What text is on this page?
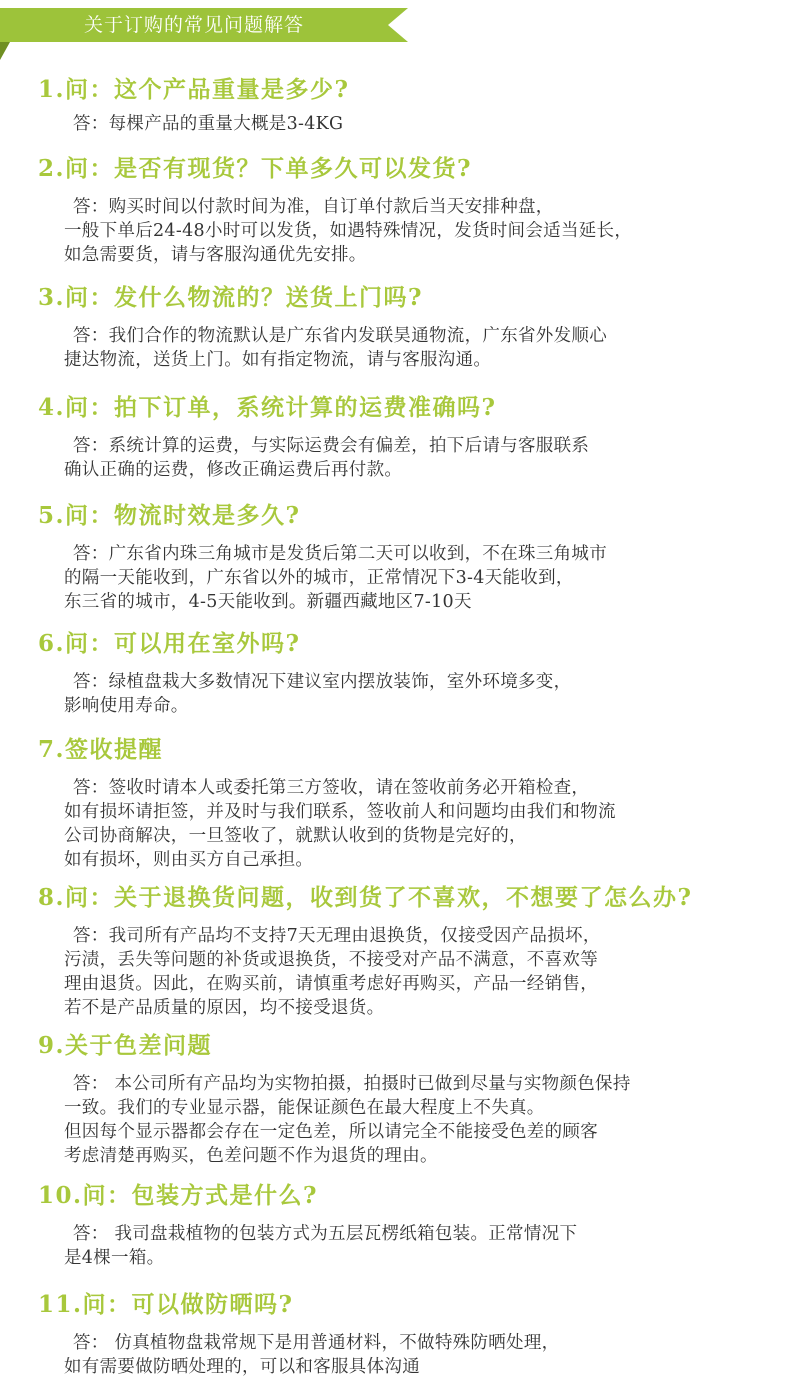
关于订购的常见问题解答
1.问：这个产品重量是多少?
答：每棵产品的重量大概是3-4KG
2.问：是否有现货？下单多久可以发货?
答：购买时间以付款时间为准，自订单付款后当天安排种盘，
一般下单后24-48小时可以发货，如遇特殊情况，发货时间会适当延长，
如急需要货，请与客服沟通优先安排。
3.问：发什么物流的？送货上门吗?
答：我们合作的物流默认是广东省内发联昊通物流，广东省外发顺心
捷达物流，送货上门。如有指定物流，请与客服沟通。
4.问：拍下订单，系统计算的运费准确吗?
答：系统计算的运费，与实际运费会有偏差，拍下后请与客服联系
确认正确的运费，修改正确运费后再付款。
5.问：物流时效是多久?
答：广东省内珠三角城市是发货后第二天可以收到，不在珠三角城市
的隔一天能收到，广东省以外的城市，正常情况下3-4天能收到，
东三省的城市，4-5天能收到。新疆西藏地区7-10天
6.问：可以用在室外吗?
答：绿植盘栽大多数情况下建议室内摆放装饰，室外环境多变，
影响使用寿命。
7.签收提醒
答：签收时请本人或委托第三方签收，请在签收前务必开箱检查，
如有损坏请拒签，并及时与我们联系，签收前人和问题均由我们和物流
公司协商解决，一旦签收了，就默认收到的货物是完好的，
如有损坏，则由买方自己承担。
8.问：关于退换货问题，收到货了不喜欢，不想要了怎么办?
答：我司所有产品均不支持7天无理由退换货，仅接受因产品损坏，
污渍，丢失等问题的补货或退换货，不接受对产品不满意，不喜欢等
理由退货。因此，在购买前，请慎重考虑好再购买，产品一经销售，
若不是产品质量的原因，均不接受退货。
9.关于色差问题
答： 本公司所有产品均为实物拍摄，拍摄时已做到尽量与实物颜色保持
一致。我们的专业显示器，能保证颜色在最大程度上不失真。
但因每个显示器都会存在一定色差，所以请完全不能接受色差的顾客
考虑清楚再购买，色差问题不作为退货的理由。
10.问：包装方式是什么?
答： 我司盘栽植物的包装方式为五层瓦楞纸箱包装。正常情况下
是4棵一箱。
11.问：可以做防晒吗?
答： 仿真植物盘栽常规下是用普通材料，不做特殊防晒处理，
如有需要做防晒处理的，可以和客服具体沟通
